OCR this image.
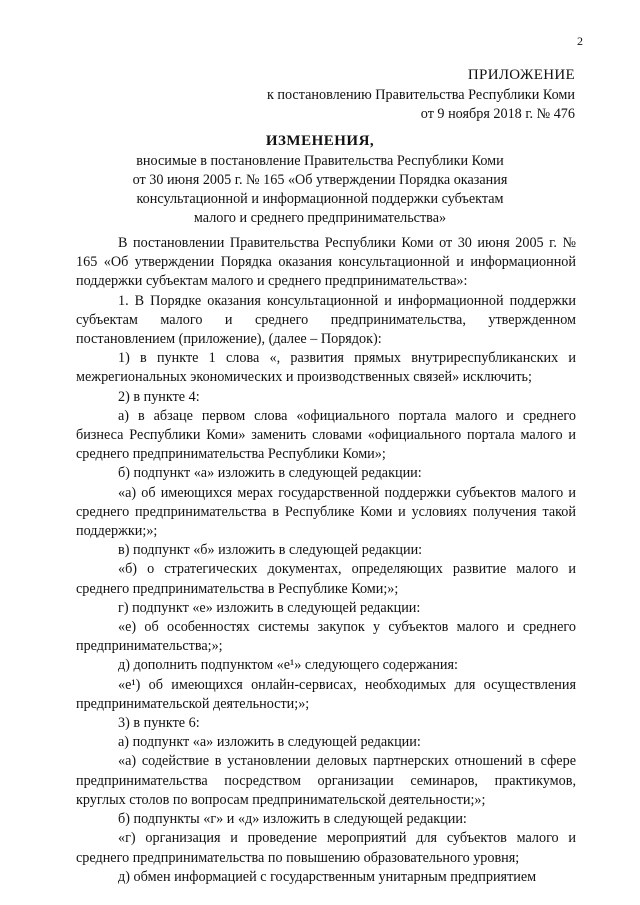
2
ПРИЛОЖЕНИЕ
к постановлению Правительства Республики Коми
от 9 ноября 2018 г. № 476
ИЗМЕНЕНИЯ,
вносимые в постановление Правительства Республики Коми
от 30 июня 2005 г. № 165 «Об утверждении Порядка оказания
консультационной и информационной поддержки субъектам
малого и среднего предпринимательства»

В постановлении Правительства Республики Коми от 30 июня 2005 г. № 165 «Об утверждении Порядка оказания консультационной и информационной поддержки субъектам малого и среднего предпринимательства»:

1. В Порядке оказания консультационной и информационной поддержки субъектам малого и среднего предпринимательства, утвержденном постановлением (приложение), (далее – Порядок):

1) в пункте 1 слова «, развития прямых внутриреспубликанских и межрегиональных экономических и производственных связей» исключить;

2) в пункте 4:

а) в абзаце первом слова «официального портала малого и среднего бизнеса Республики Коми» заменить словами «официального портала малого и среднего предпринимательства Республики Коми»;

б) подпункт «а» изложить в следующей редакции:

«а) об имеющихся мерах государственной поддержки субъектов малого и среднего предпринимательства в Республике Коми и условиях получения такой поддержки;»;

в) подпункт «б» изложить в следующей редакции:

«б) о стратегических документах, определяющих развитие малого и среднего предпринимательства в Республике Коми;»;

г) подпункт «е» изложить в следующей редакции:

«е) об особенностях системы закупок у субъектов малого и среднего предпринимательства;»;

д) дополнить подпунктом «е¹» следующего содержания:

«е¹) об имеющихся онлайн-сервисах, необходимых для осуществления предпринимательской деятельности;»;

3) в пункте 6:

а) подпункт «а» изложить в следующей редакции:

«а) содействие в установлении деловых партнерских отношений в сфере предпринимательства посредством организации семинаров, практикумов, круглых столов по вопросам предпринимательской деятельности;»;

б) подпункты «г» и «д» изложить в следующей редакции:

«г) организация и проведение мероприятий для субъектов малого и среднего предпринимательства по повышению образовательного уровня;

д) обмен информацией с государственным унитарным предприятием
